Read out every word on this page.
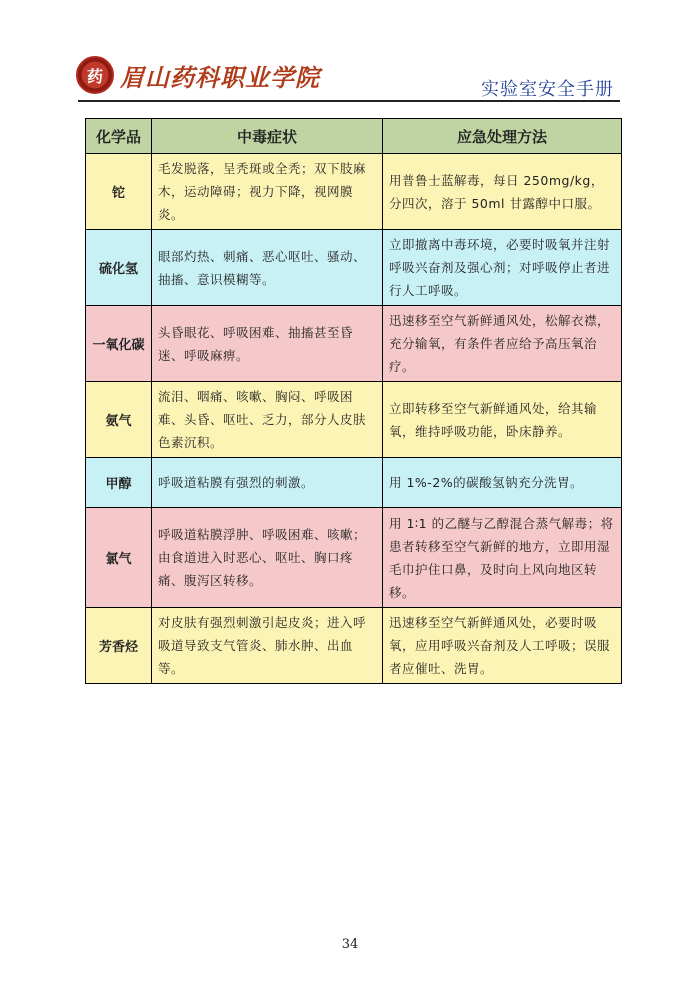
药 眉山药科职业学院	实验室安全手册
化学品	中毒症状	应急处理方法
铊	毛发脱落，呈秃斑或全秃；双下肢麻木，运动障碍；视力下降，视网膜炎。	用普鲁士蓝解毒，每日 250mg/kg，分四次，溶于 50ml 甘露醇中口服。
硫化氢	眼部灼热、刺痛、恶心呕吐、骚动、抽搐、意识模糊等。	立即撤离中毒环境，必要时吸氧并注射呼吸兴奋剂及强心剂；对呼吸停止者进行人工呼吸。
一氧化碳	头昏眼花、呼吸困难、抽搐甚至昏迷、呼吸麻痹。	迅速移至空气新鲜通风处，松解衣襟，充分输氧，有条件者应给予高压氧治疗。
氨气	流泪、咽痛、咳嗽、胸闷、呼吸困难、头昏、呕吐、乏力，部分人皮肤色素沉积。	立即转移至空气新鲜通风处，给其输氧，维持呼吸功能，卧床静养。
甲醇	呼吸道粘膜有强烈的刺激。	用 1%-2%的碳酸氢钠充分洗胃。
氯气	呼吸道粘膜浮肿、呼吸困难、咳嗽；由食道进入时恶心、呕吐、胸口疼痛、腹泻区转移。	用 1∶1 的乙醚与乙醇混合蒸气解毒；将患者转移至空气新鲜的地方，立即用湿毛巾护住口鼻，及时向上风向地区转移。
芳香烃	对皮肤有强烈刺激引起皮炎；进入呼吸道导致支气管炎、肺水肿、出血等。	迅速移至空气新鲜通风处，必要时吸氧，应用呼吸兴奋剂及人工呼吸；误服者应催吐、洗胃。
34
